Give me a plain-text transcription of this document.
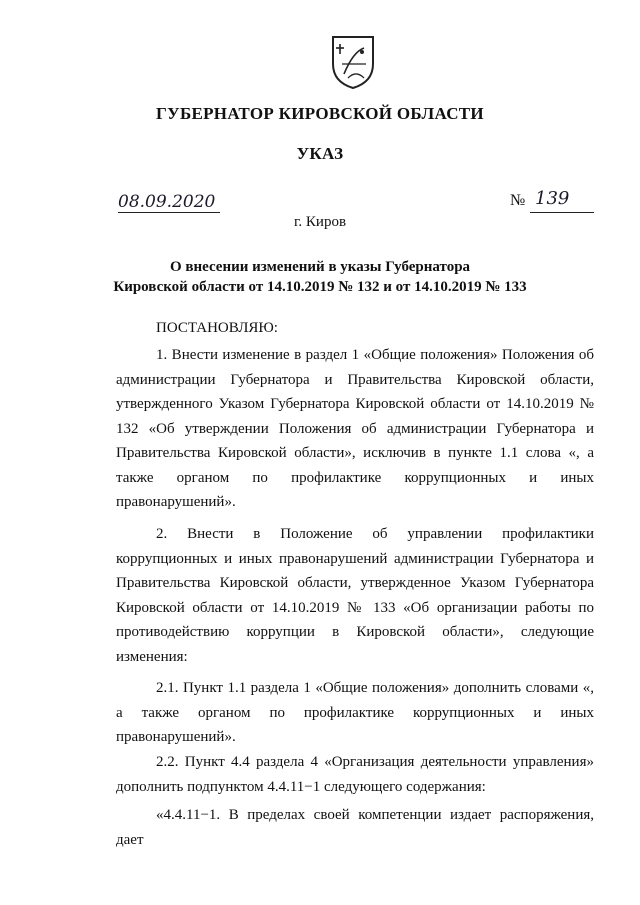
ГУБЕРНАТОР КИРОВСКОЙ ОБЛАСТИ
УКАЗ
08.09.2020	№ 139
г. Киров
О внесении изменений в указы Губернатора
Кировской области от 14.10.2019 № 132 и от 14.10.2019 № 133
ПОСТАНОВЛЯЮ:

1. Внести изменение в раздел 1 «Общие положения» Положения об администрации Губернатора и Правительства Кировской области, утвержденного Указом Губернатора Кировской области от 14.10.2019 № 132 «Об утверждении Положения об администрации Губернатора и Правительства Кировской области», исключив в пункте 1.1 слова «, а также органом по профилактике коррупционных и иных правонарушений».

2. Внести в Положение об управлении профилактики коррупционных и иных правонарушений администрации Губернатора и Правительства Кировской области, утвержденное Указом Губернатора Кировской области от 14.10.2019 № 133 «Об организации работы по противодействию коррупции в Кировской области», следующие изменения:

2.1. Пункт 1.1 раздела 1 «Общие положения» дополнить словами «, а также органом по профилактике коррупционных и иных правонарушений».

2.2. Пункт 4.4 раздела 4 «Организация деятельности управления» дополнить подпунктом 4.4.11−1 следующего содержания:

«4.4.11−1. В пределах своей компетенции издает распоряжения, дает
